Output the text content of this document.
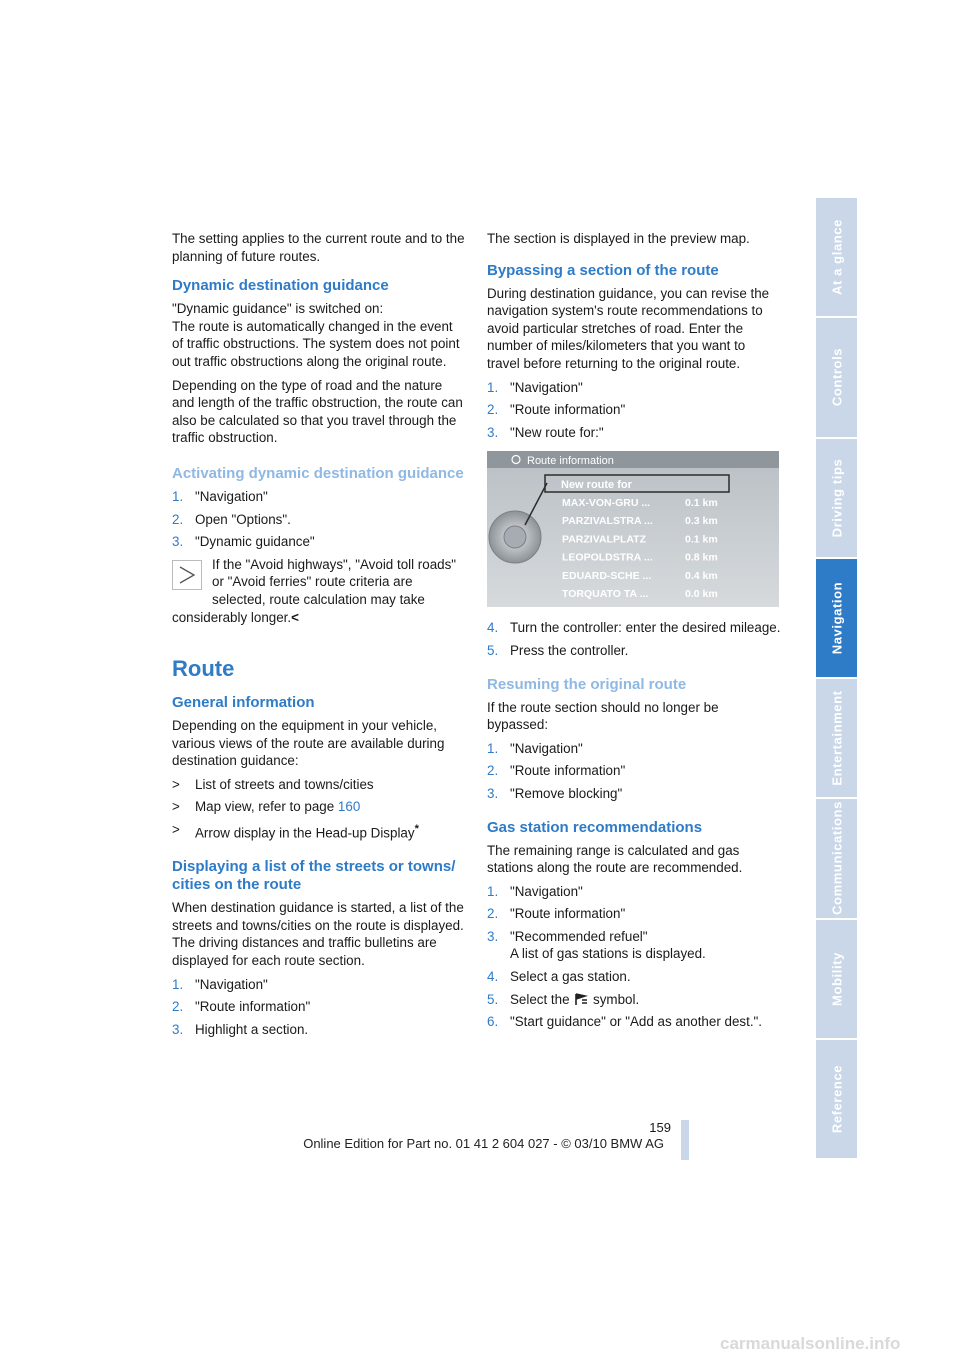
The setting applies to the current route and to the planning of future routes.

Dynamic destination guidance

"Dynamic guidance" is switched on:

The route is automatically changed in the event of traffic obstructions. The system does not point out traffic obstructions along the original route.

Depending on the type of road and the nature and length of the traffic obstruction, the route can also be calculated so that you travel through the traffic obstruction.

Activating dynamic destination guidance
1. "Navigation"
2. Open "Options".
3. "Dynamic guidance"
If the "Avoid highways", "Avoid toll roads" or "Avoid ferries" route criteria are selected, route calculation may take considerably longer.<
Route
General information

Depending on the equipment in your vehicle, various views of the route are available during destination guidance:

>	List of streets and towns/cities
>	Map view, refer to page 160
>	Arrow display in the Head-up Display*
Displaying a list of the streets or towns/ cities on the route

When destination guidance is started, a list of the streets and towns/cities on the route is displayed. The driving distances and traffic bulletins are displayed for each route section.

1. "Navigation"
2. "Route information"
3. Highlight a section.

The section is displayed in the preview map.

Bypassing a section of the route

During destination guidance, you can revise the navigation system's route recommendations to avoid particular stretches of road. Enter the number of miles/kilometers that you want to travel before returning to the original route.

1. "Navigation"
2. "Route information"
3. "New route for:"
Route information
New route for
MAX-VON-GRU ...	0.1 km
PARZIVALSTRA ...	0.3 km
PARZIVALPLATZ	0.1 km
LEOPOLDSTRA ...	0.8 km
EDUARD-SCHE ...	0.4 km
TORQUATO TA ...	0.0 km
4. Turn the controller: enter the desired mileage.
5. Press the controller.
Resuming the original route

If the route section should no longer be bypassed:

1. "Navigation"
2. "Route information"
3. "Remove blocking"
Gas station recommendations

The remaining range is calculated and gas stations along the route are recommended.

1. "Navigation"
2. "Route information"
3. "Recommended refuel"
A list of gas stations is displayed.
4. Select a gas station.
5. Select the symbol.
6. "Start guidance" or "Add as another dest.".
At a glance
Controls
Driving tips
Navigation
Entertainment
Communications
Mobility
Reference
159
Online Edition for Part no. 01 41 2 604 027 - © 03/10 BMW AG
carmanualsonline.info
